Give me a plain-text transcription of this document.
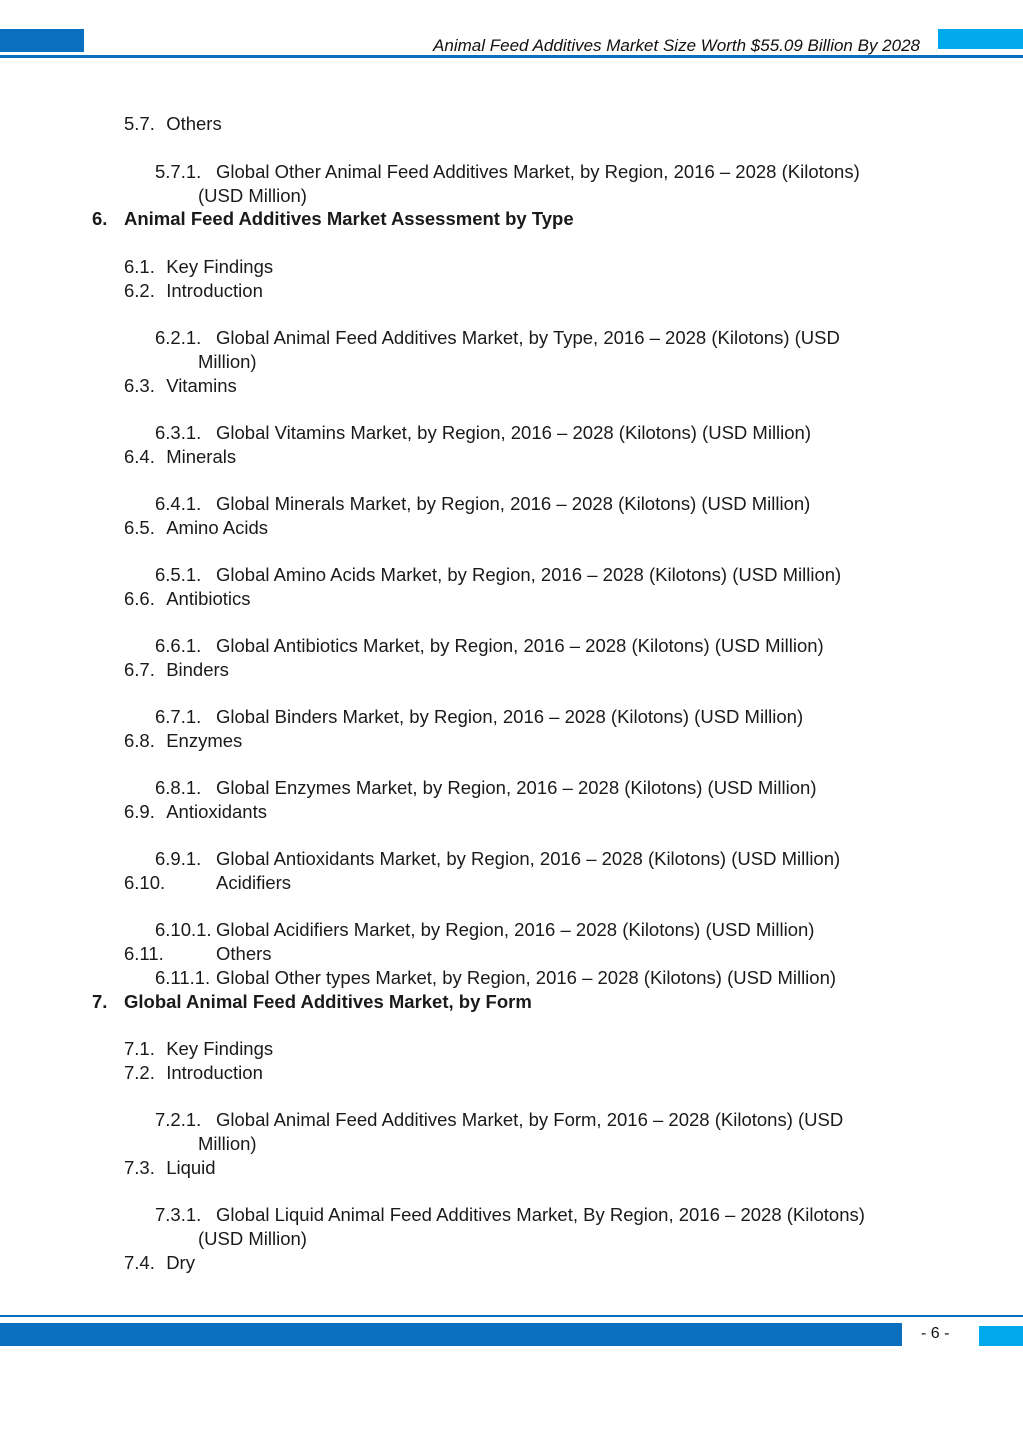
Animal Feed Additives Market Size Worth $55.09 Billion By 2028
5.7. Others
5.7.1. Global Other Animal Feed Additives Market, by Region, 2016 – 2028 (Kilotons)
(USD Million)
6. Animal Feed Additives Market Assessment by Type
6.1. Key Findings
6.2. Introduction
6.2.1. Global Animal Feed Additives Market, by Type, 2016 – 2028 (Kilotons) (USD
Million)
6.3. Vitamins
6.3.1. Global Vitamins Market, by Region, 2016 – 2028 (Kilotons) (USD Million)
6.4. Minerals
6.4.1. Global Minerals Market, by Region, 2016 – 2028 (Kilotons) (USD Million)
6.5. Amino Acids
6.5.1. Global Amino Acids Market, by Region, 2016 – 2028 (Kilotons) (USD Million)
6.6. Antibiotics
6.6.1. Global Antibiotics Market, by Region, 2016 – 2028 (Kilotons) (USD Million)
6.7. Binders
6.7.1. Global Binders Market, by Region, 2016 – 2028 (Kilotons) (USD Million)
6.8. Enzymes
6.8.1. Global Enzymes Market, by Region, 2016 – 2028 (Kilotons) (USD Million)
6.9. Antioxidants
6.9.1. Global Antioxidants Market, by Region, 2016 – 2028 (Kilotons) (USD Million)
6.10.	Acidifiers
6.10.1. Global Acidifiers Market, by Region, 2016 – 2028 (Kilotons) (USD Million)
6.11.	Others
6.11.1. Global Other types Market, by Region, 2016 – 2028 (Kilotons) (USD Million)
7. Global Animal Feed Additives Market, by Form
7.1. Key Findings
7.2. Introduction
7.2.1. Global Animal Feed Additives Market, by Form, 2016 – 2028 (Kilotons) (USD
Million)
7.3. Liquid
7.3.1. Global Liquid Animal Feed Additives Market, By Region, 2016 – 2028 (Kilotons)
(USD Million)
7.4. Dry
- 6 -
